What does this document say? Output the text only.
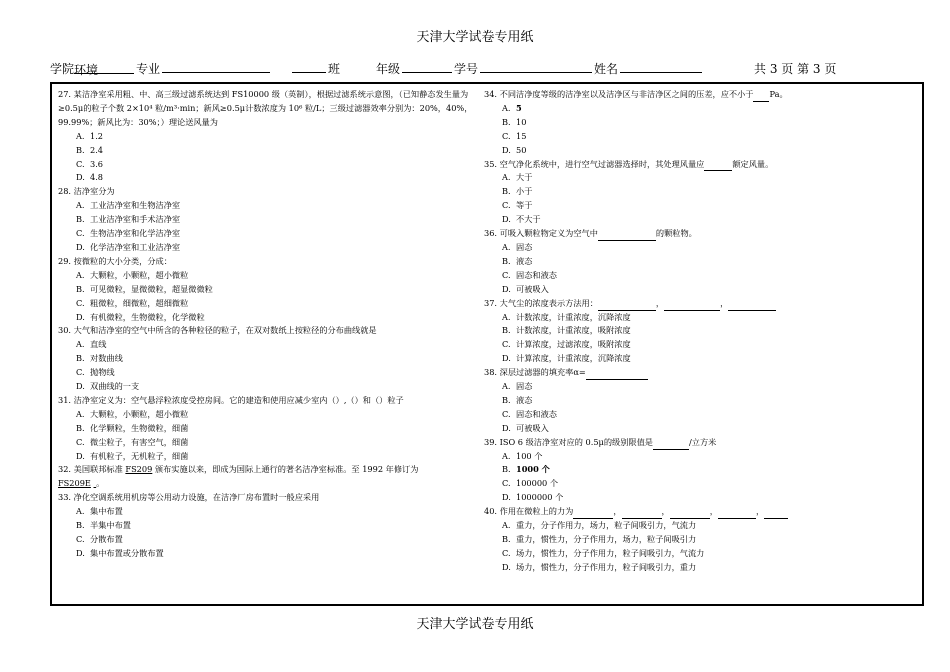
天津大学试卷专用纸
学院 环境	专业	班	年级	学号	姓名	共 3 页 第 3 页
27. 某洁净室采用粗、中、高三级过滤系统达到 FS10000 级（英制），根据过滤系统示意图，（已知静态发生量为≥0.5μ的粒子个数 2×10⁴ 粒/m³·min；新风≥0.5μ计数浓度为 10⁶ 粒/L；三级过滤器效率分别为：20%，40%，99.99%；新风比为：30%；）理论送风量为
A. 1.2
B. 2.4
C. 3.6
D. 4.8
28. 洁净室分为
A. 工业洁净室和生物洁净室
B. 工业洁净室和手术洁净室
C. 生物洁净室和化学洁净室
D. 化学洁净室和工业洁净室
29. 按微粒的大小分类，分成：
A. 大颗粒，小颗粒，超小微粒
B. 可见微粒，显微微粒，超显微微粒
C. 粗微粒，细微粒，超细微粒
D. 有机微粒，生物微粒，化学微粒
30. 大气和洁净室的空气中所含的各种粒径的粒子，在双对数纸上按粒径的分布曲线就是
A. 直线
B. 对数曲线
C. 抛物线
D. 双曲线的一支
31. 洁净室定义为：空气悬浮粒浓度受控房间。它的建造和使用应减少室内（）,（）和（）粒子
A. 大颗粒，小颗粒，超小微粒
B. 化学颗粒，生物微粒，细菌
C. 微尘粒子，有害空气，细菌
D. 有机粒子，无机粒子，细菌
32. 美国联邦标准 FS209 颁布实施以来，即成为国际上通行的著名洁净室标准。至 1992 年修订为
FS209E 。
33. 净化空调系统用机房等公用动力设施，在洁净厂房布置时一般应采用
A. 集中布置
B. 半集中布置
C. 分散布置
D. 集中布置或分散布置
34. 不同洁净度等级的洁净室以及洁净区与非洁净区之间的压差，应不小于 Pa。
A. 5
B. 10
C. 15
D. 50
35. 空气净化系统中，进行空气过滤器选择时，其处理风量应	额定风量。
A. 大于
B. 小于
C. 等于
D. 不大于
36. 可吸入颗粒物定义为空气中	的颗粒物。
A. 固态
B. 液态
C. 固态和液态
D. 可被吸入
37. 大气尘的浓度表示方法用：	，	，
A. 计数浓度，计重浓度，沉降浓度
B. 计数浓度，计重浓度，吸附浓度
C. 计算浓度，过滤浓度，吸附浓度
D. 计算浓度，计重浓度，沉降浓度
38. 深层过滤器的填充率α=
A. 固态
B. 液态
C. 固态和液态
D. 可被吸入
39. ISO 6 级洁净室对应的 0.5μ的级别限值是	/立方米
A. 100 个
B. 1000 个
C. 100000 个
D. 1000000 个
40. 作用在微粒上的力为	，	，	，	，
A. 重力，分子作用力，场力，粒子间吸引力，气流力
B. 重力，惯性力，分子作用力，场力，粒子间吸引力
C. 场力，惯性力，分子作用力，粒子间吸引力，气流力
D. 场力，惯性力，分子作用力，粒子间吸引力，重力
天津大学试卷专用纸
